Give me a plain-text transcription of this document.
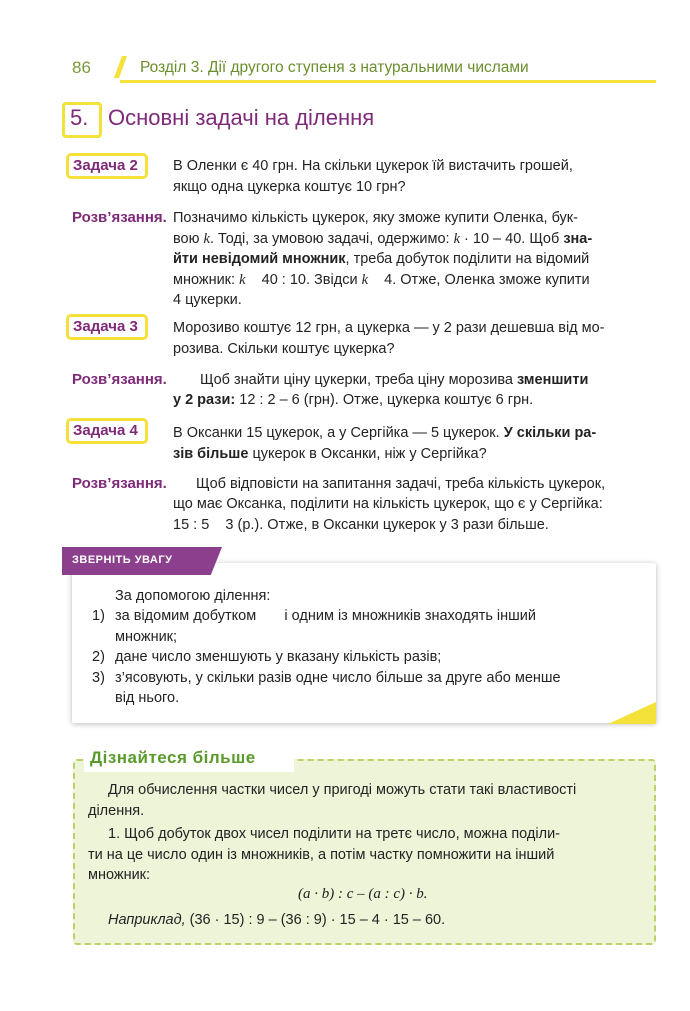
86	Розділ 3. Дії другого ступеня з натуральними числами
5. Основні задачі на ділення
Задача 2 В Оленки є 40 грн. На скільки цукерок їй вистачить грошей,
якщо одна цукерка коштує 10 грн?
Розв’язання. Позначимо кількість цукерок, яку зможе купити Оленка, бук-
вою k. Тоді, за умовою задачі, одержимо: k · 10 – 40. Щоб зна-
йти невідомий множник, треба добуток поділити на відомий
множник: k    40 : 10. Звідси k    4. Отже, Оленка зможе купити
4 цукерки.
Задача 3 Морозиво коштує 12 грн, а цукерка — у 2 рази дешевша від мо-
розива. Скільки коштує цукерка?
Розв’язання. Щоб знайти ціну цукерки, треба ціну морозива зменшити
у 2 рази: 12 : 2 – 6 (грн). Отже, цукерка коштує 6 грн.
Задача 4 В Оксанки 15 цукерок, а у Сергійка — 5 цукерок. У скільки ра-
зів більше цукерок в Оксанки, ніж у Сергійка?
Розв’язання. Щоб відповісти на запитання задачі, треба кількість цукерок,
що має Оксанка, поділити на кількість цукерок, що є у Сергійка:
15 : 5    3 (р.). Отже, в Оксанки цукерок у 3 рази більше.
ЗВЕРНІТЬ УВАГУ
За допомогою ділення:
1) за відомим добутком       і одним із множників знаходять інший
множник;
2) дане число зменшують у вказану кількість разів;
3) з’ясовують, у скільки разів одне число більше за друге або менше
від нього.
Дізнайтеся більше
Для обчислення частки чисел у пригоді можуть стати такі властивості
ділення.
1. Щоб добуток двох чисел поділити на третє число, можна поділи-
ти на це число один із множників, а потім частку помножити на інший
множник:
(a · b) : c – (a : c) · b.
Наприклад, (36 · 15) : 9 – (36 : 9) · 15 – 4 · 15 – 60.
